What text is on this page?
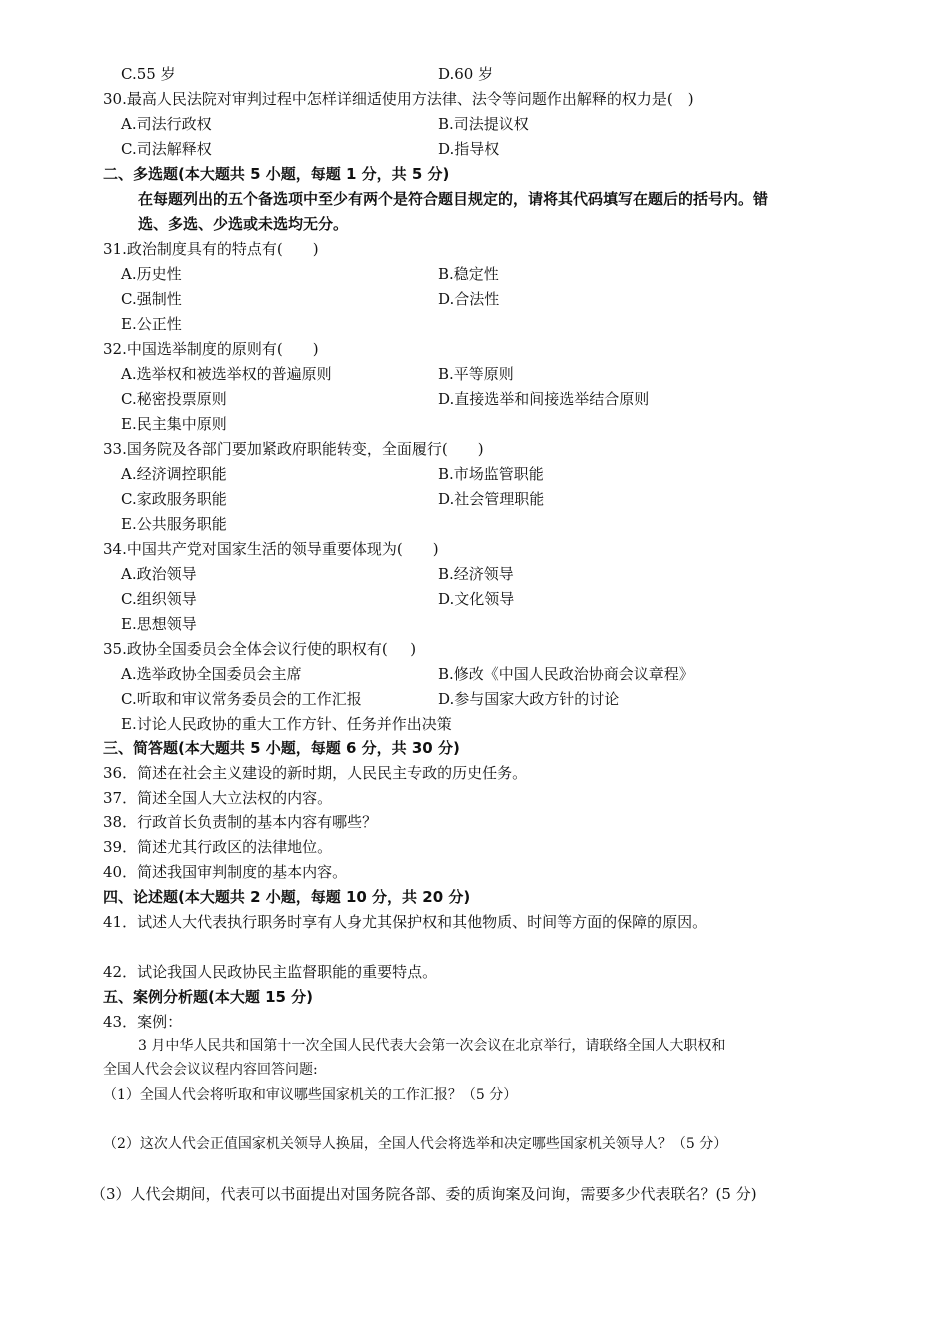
C.55 岁	D.60 岁
30.最高人民法院对审判过程中怎样详细适使用方法律、法令等问题作出解释的权力是(  )
A.司法行政权	B.司法提议权
C.司法解释权	D.指导权
二、多选题(本大题共 5 小题，每题 1 分，共 5 分)
在每题列出的五个备选项中至少有两个是符合题目规定的，请将其代码填写在题后的括号内。错
选、多选、少选或未选均无分。
31.政治制度具有的特点有(  )
A.历史性	B.稳定性
C.强制性	D.合法性
E.公正性
32.中国选举制度的原则有(  )
A.选举权和被选举权的普遍原则	B.平等原则
C.秘密投票原则	D.直接选举和间接选举结合原则
E.民主集中原则
33.国务院及各部门要加紧政府职能转变，全面履行(  )
A.经济调控职能	B.市场监管职能
C.家政服务职能	D.社会管理职能
E.公共服务职能
34.中国共产党对国家生活的领导重要体现为(  )
A.政治领导	B.经济领导
C.组织领导	D.文化领导
E.思想领导
35.政协全国委员会全体会议行使的职权有(  )
A.选举政协全国委员会主席	B.修改《中国人民政治协商会议章程》
C.听取和审议常务委员会的工作汇报	D.参与国家大政方针的讨论
E.讨论人民政协的重大工作方针、任务并作出决策
三、简答题(本大题共 5 小题，每题 6 分，共 30 分)
36．简述在社会主义建设的新时期，人民民主专政的历史任务。
37．简述全国人大立法权的内容。
38．行政首长负责制的基本内容有哪些？
39．简述尤其行政区的法律地位。
40．简述我国审判制度的基本内容。
四、论述题(本大题共 2 小题，每题 10 分，共 20 分)
41．试述人大代表执行职务时享有人身尤其保护权和其他物质、时间等方面的保障的原因。
42．试论我国人民政协民主监督职能的重要特点。
五、案例分析题(本大题 15 分)
43．案例：
3 月中华人民共和国第十一次全国人民代表大会第一次会议在北京举行，请联络全国人大职权和
全国人代会会议议程内容回答问题:
（1）全国人代会将听取和审议哪些国家机关的工作汇报？（5 分）
（2）这次人代会正值国家机关领导人换届，全国人代会将选举和决定哪些国家机关领导人？（5 分）
（3）人代会期间，代表可以书面提出对国务院各部、委的质询案及问询，需要多少代表联名？(5 分)
